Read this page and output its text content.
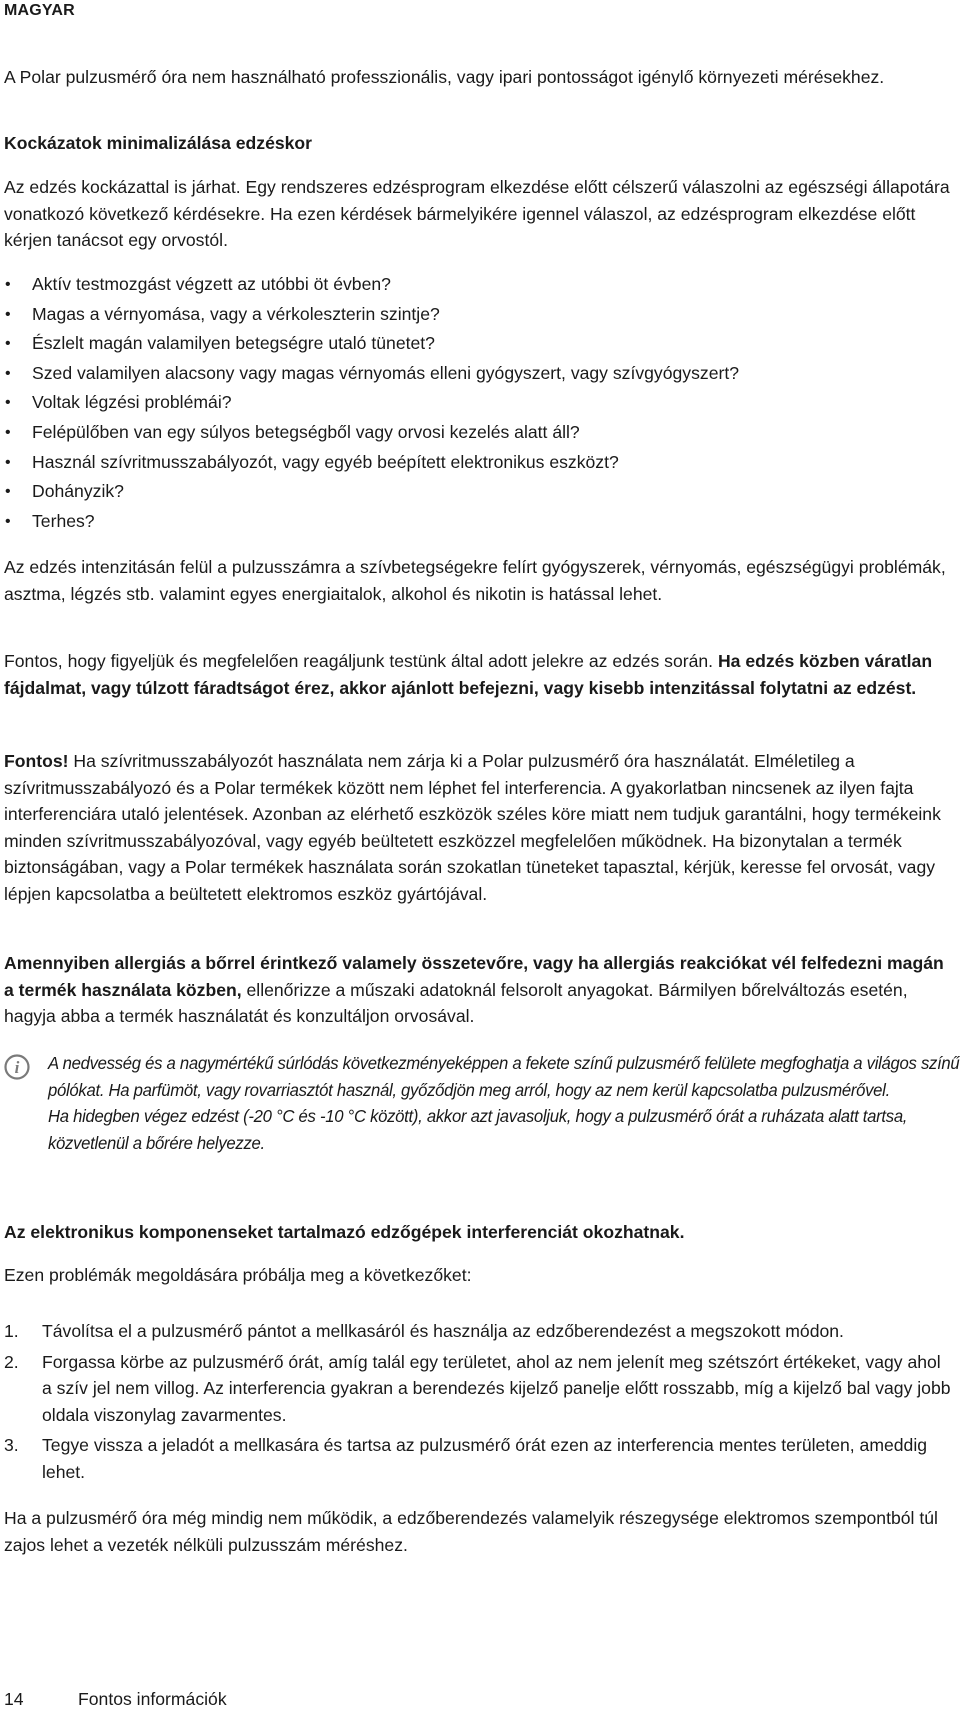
MAGYAR

A Polar pulzusmérő óra nem használható professzionális, vagy ipari pontosságot igénylő környezeti mérésekhez.

Kockázatok minimalizálása edzéskor

Az edzés kockázattal is járhat. Egy rendszeres edzésprogram elkezdése előtt célszerű válaszolni az egészségi állapotára vonatkozó következő kérdésekre. Ha ezen kérdések bármelyikére igennel válaszol, az edzésprogram elkezdése előtt kérjen tanácsot egy orvostól.

• Aktív testmozgást végzett az utóbbi öt évben?
• Magas a vérnyomása, vagy a vérkoleszterin szintje?
• Észlelt magán valamilyen betegségre utaló tünetet?
• Szed valamilyen alacsony vagy magas vérnyomás elleni gyógyszert, vagy szívgyógyszert?
• Voltak légzési problémái?
• Felépülőben van egy súlyos betegségből vagy orvosi kezelés alatt áll?
• Használ szívritmusszabályozót, vagy egyéb beépített elektronikus eszközt?
• Dohányzik?
• Terhes?

Az edzés intenzitásán felül a pulzusszámra a szívbetegségekre felírt gyógyszerek, vérnyomás, egészségügyi problémák, asztma, légzés stb. valamint egyes energiaitalok, alkohol és nikotin is hatással lehet.

Fontos, hogy figyeljük és megfelelően reagáljunk testünk által adott jelekre az edzés során. Ha edzés közben váratlan fájdalmat, vagy túlzott fáradtságot érez, akkor ajánlott befejezni, vagy kisebb intenzitással folytatni az edzést.

Fontos! Ha szívritmusszabályozót használata nem zárja ki a Polar pulzusmérő óra használatát. Elméletileg a szívritmusszabályozó és a Polar termékek között nem léphet fel interferencia. A gyakorlatban nincsenek az ilyen fajta interferenciára utaló jelentések. Azonban az elérhető eszközök széles köre miatt nem tudjuk garantálni, hogy termékeink minden szívritmusszabályozóval, vagy egyéb beültetett eszközzel megfelelően működnek. Ha bizonytalan a termék biztonságában, vagy a Polar termékek használata során szokatlan tüneteket tapasztal, kérjük, keresse fel orvosát, vagy lépjen kapcsolatba a beültetett elektromos eszköz gyártójával.

Amennyiben allergiás a bőrrel érintkező valamely összetevőre, vagy ha allergiás reakciókat vél felfedezni magán a termék használata közben, ellenőrizze a műszaki adatoknál felsorolt anyagokat. Bármilyen bőrelváltozás esetén, hagyja abba a termék használatát és konzultáljon orvosával.

i A nedvesség és a nagymértékű súrlódás következményeképpen a fekete színű pulzusmérő felülete megfoghatja a világos színű pólókat. Ha parfümöt, vagy rovarriasztót használ, győződjön meg arról, hogy az nem kerül kapcsolatba pulzusmérővel.

Ha hidegben végez edzést (-20 °C és -10 °C között), akkor azt javasoljuk, hogy a pulzusmérő órát a ruházata alatt tartsa, közvetlenül a bőrére helyezze.

Az elektronikus komponenseket tartalmazó edzőgépek interferenciát okozhatnak.

Ezen problémák megoldására próbálja meg a következőket:

1. Távolítsa el a pulzusmérő pántot a mellkasáról és használja az edzőberendezést a megszokott módon.
2. Forgassa körbe az pulzusmérő órát, amíg talál egy területet, ahol az nem jelenít meg szétszórt értékeket, vagy ahol a szív jel nem villog. Az interferencia gyakran a berendezés kijelző panelje előtt rosszabb, míg a kijelző bal vagy jobb oldala viszonylag zavarmentes.
3. Tegye vissza a jeladót a mellkasára és tartsa az pulzusmérő órát ezen az interferencia mentes területen, ameddig lehet.

Ha a pulzusmérő óra még mindig nem működik, a edzőberendezés valamelyik részegysége elektromos szempontból túl zajos lehet a vezeték nélküli pulzusszám méréshez.

14	Fontos információk
